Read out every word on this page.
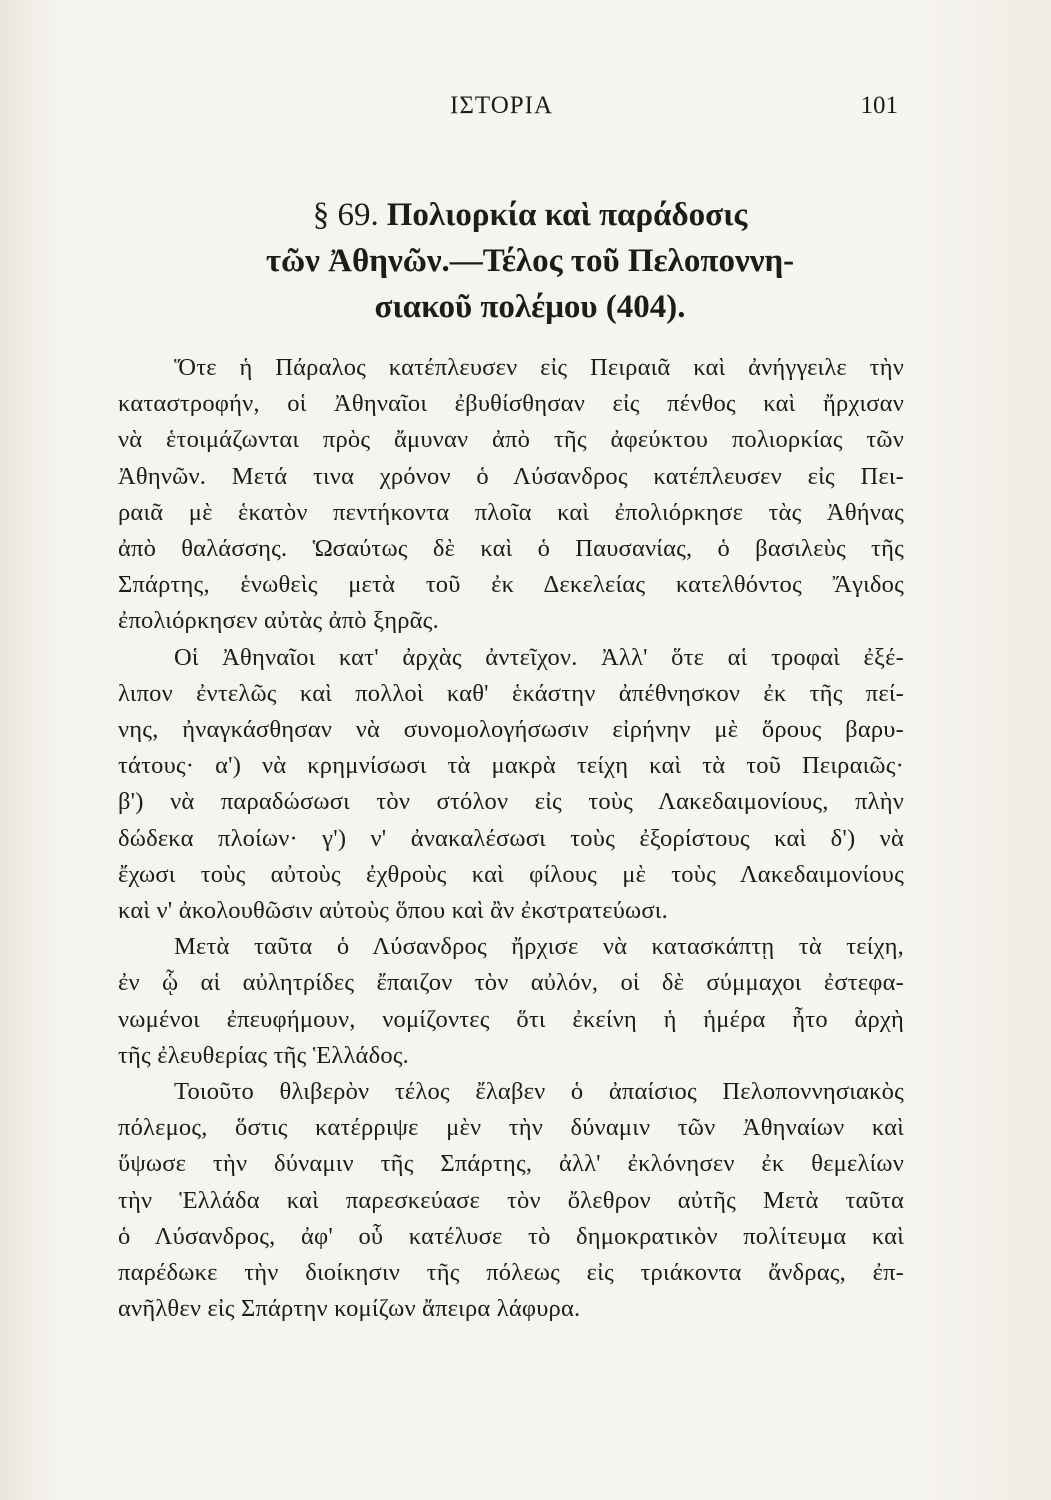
ΙΣΤΟΡΙΑ	101
§ 69. Πολιορκία καὶ παράδοσις
τῶν Ἀθηνῶν.—Τέλος τοῦ Πελοποννη-
σιακοῦ πολέμου (404).
Ὅτε ἡ Πάραλος κατέπλευσεν εἰς Πειραιᾶ καὶ ἀνήγγειλε τὴν
καταστροφήν, οἱ Ἀθηναῖοι ἐβυθίσθησαν εἰς πένθος καὶ ἤρχισαν
νὰ ἑτοιμάζωνται πρὸς ἄμυναν ἀπὸ τῆς ἀφεύκτου πολιορκίας τῶν
Ἀθηνῶν. Μετά τινα χρόνον ὁ Λύσανδρος κατέπλευσεν εἰς Πει-
ραιᾶ μὲ ἑκατὸν πεντήκοντα πλοῖα καὶ ἐπολιόρκησε τὰς Ἀθήνας
ἀπὸ θαλάσσης. Ὡσαύτως δὲ καὶ ὁ Παυσανίας, ὁ βασιλεὺς τῆς
Σπάρτης, ἑνωθεὶς μετὰ τοῦ ἐκ Δεκελείας κατελθόντος Ἄγιδος
ἐπολιόρκησεν αὐτὰς ἀπὸ ξηρᾶς.
Οἱ Ἀθηναῖοι κατ' ἀρχὰς ἀντεῖχον. Ἀλλ' ὅτε αἱ τροφαὶ ἐξέ-
λιπον ἐντελῶς καὶ πολλοὶ καθ' ἑκάστην ἀπέθνησκον ἐκ τῆς πεί-
νης, ἠναγκάσθησαν νὰ συνομολογήσωσιν εἰρήνην μὲ ὅρους βαρυ-
τάτους· α') νὰ κρημνίσωσι τὰ μακρὰ τείχη καὶ τὰ τοῦ Πειραιῶς·
β') νὰ παραδώσωσι τὸν στόλον εἰς τοὺς Λακεδαιμονίους, πλὴν
δώδεκα πλοίων· γ') ν' ἀνακαλέσωσι τοὺς ἐξορίστους καὶ δ') νὰ
ἔχωσι τοὺς αὐτοὺς ἐχθροὺς καὶ φίλους μὲ τοὺς Λακεδαιμονίους
καὶ ν' ἀκολουθῶσιν αὐτοὺς ὅπου καὶ ἂν ἐκστρατεύωσι.
Μετὰ ταῦτα ὁ Λύσανδρος ἤρχισε νὰ κατασκάπτῃ τὰ τείχη,
ἐν ᾧ αἱ αὐλητρίδες ἔπαιζον τὸν αὐλόν, οἱ δὲ σύμμαχοι ἐστεφα-
νωμένοι ἐπευφήμουν, νομίζοντες ὅτι ἐκείνη ἡ ἡμέρα ἦτο ἀρχὴ
τῆς ἐλευθερίας τῆς Ἑλλάδος.
Τοιοῦτο θλιβερὸν τέλος ἔλαβεν ὁ ἀπαίσιος Πελοποννησιακὸς
πόλεμος, ὅστις κατέρριψε μὲν τὴν δύναμιν τῶν Ἀθηναίων καὶ
ὕψωσε τὴν δύναμιν τῆς Σπάρτης, ἀλλ' ἐκλόνησεν ἐκ θεμελίων
τὴν Ἑλλάδα καὶ παρεσκεύασε τὸν ὄλεθρον αὐτῆς Μετὰ ταῦτα
ὁ Λύσανδρος, ἀφ' οὗ κατέλυσε τὸ δημοκρατικὸν πολίτευμα καὶ
παρέδωκε τὴν διοίκησιν τῆς πόλεως εἰς τριάκοντα ἄνδρας, ἐπ-
ανῆλθεν εἰς Σπάρτην κομίζων ἄπειρα λάφυρα.
